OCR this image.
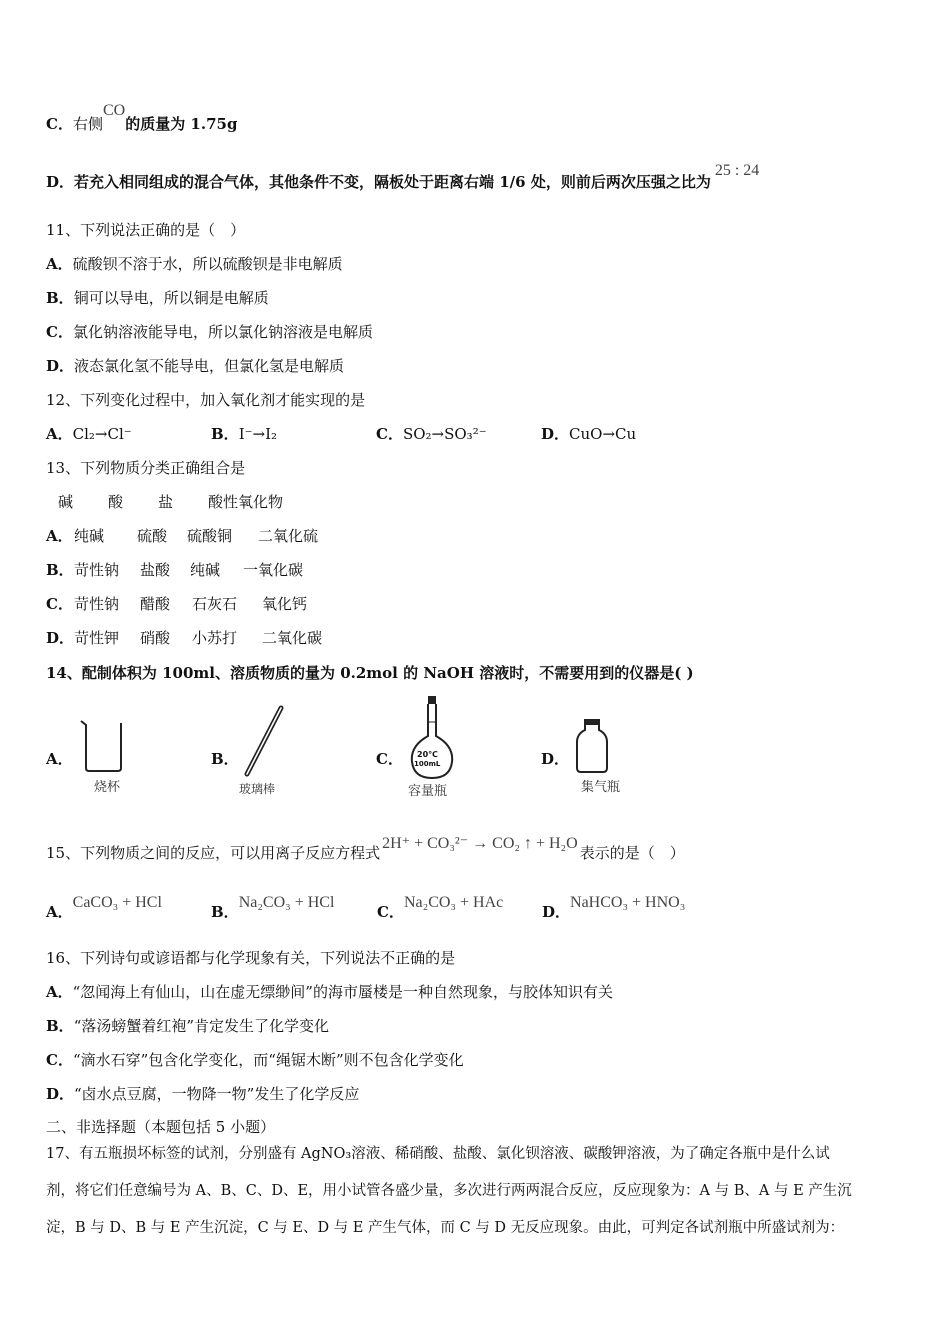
C．右侧CO的质量为 1.75g
D．若充入相同组成的混合气体，其他条件不变，隔板处于距离右端 1/6 处，则前后两次压强之比为25 : 24
11、下列说法正确的是（　）
A．硫酸钡不溶于水，所以硫酸钡是非电解质
B．铜可以导电，所以铜是电解质
C．氯化钠溶液能导电，所以氯化钠溶液是电解质
D．液态氯化氢不能导电，但氯化氢是电解质
12、下列变化过程中，加入氧化剂才能实现的是
A．Cl₂→Cl⁻	B．I⁻→I₂	C．SO₂→SO₃²⁻	D．CuO→Cu
13、下列物质分类正确组合是
碱 酸 盐 酸性氧化物
A．纯碱 硫酸 硫酸铜 二氧化硫
B．苛性钠 盐酸 纯碱 一氧化碳
C．苛性钠 醋酸 石灰石 氧化钙
D．苛性钾 硝酸 小苏打 二氧化碳
14、配制体积为 100ml、溶质物质的量为 0.2mol 的 NaOH 溶液时，不需要用到的仪器是( )
A．
烧杯
B．
玻璃棒
C． 20℃
100mL
容量瓶
D．
集气瓶
15、下列物质之间的反应，可以用离子反应方程式2H⁺ + CO₃²⁻ → CO₂ ↑ + H₂O表示的是（　）
A．CaCO₃ + HClB．Na₂CO₃ + HClC．Na₂CO₃ + HAcD．NaHCO₃ + HNO₃
16、下列诗句或谚语都与化学现象有关，下列说法不正确的是
A．“忽闻海上有仙山，山在虚无缥缈间”的海市蜃楼是一种自然现象，与胶体知识有关
B．“落汤螃蟹着红袍”肯定发生了化学变化
C．“滴水石穿”包含化学变化，而“绳锯木断”则不包含化学变化
D．“卤水点豆腐，一物降一物”发生了化学反应
二、非选择题（本题包括 5 小题）
17、有五瓶损坏标签的试剂，分别盛有 AgNO₃溶液、稀硝酸、盐酸、氯化钡溶液、碳酸钾溶液，为了确定各瓶中是什么试
剂，将它们任意编号为 A、B、C、D、E，用小试管各盛少量，多次进行两两混合反应，反应现象为：A 与 B、A 与 E 产生沉
淀，B 与 D、B 与 E 产生沉淀，C 与 E、D 与 E 产生气体，而 C 与 D 无反应现象。由此，可判定各试剂瓶中所盛试剂为：
